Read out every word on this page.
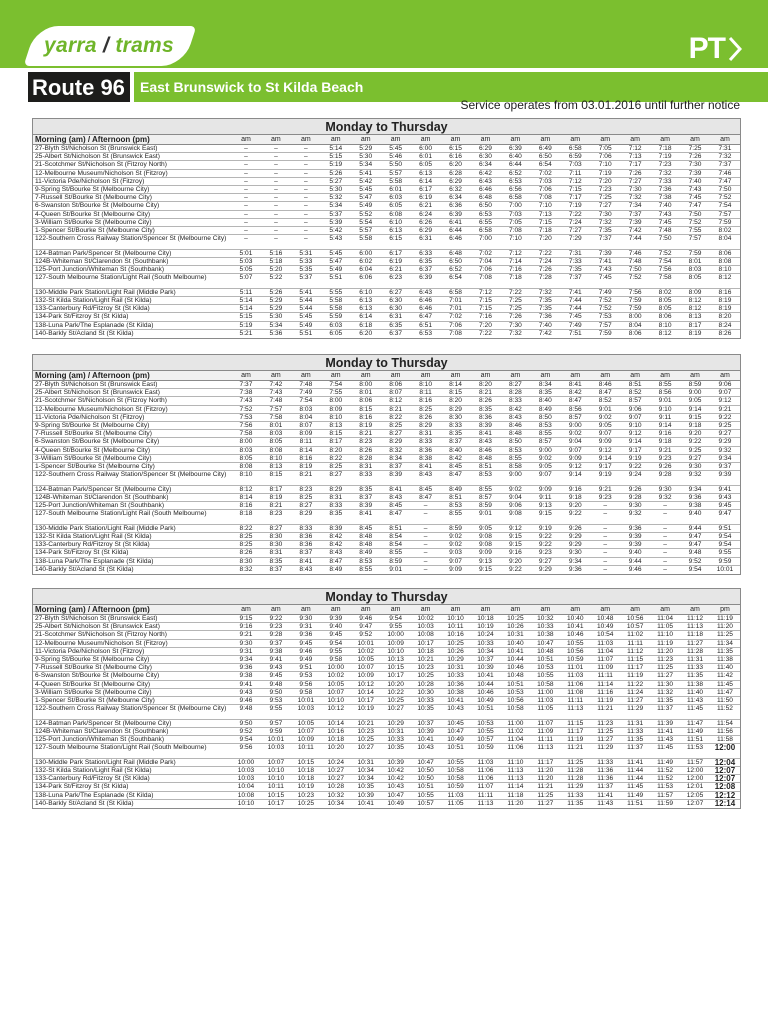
yarra / trams	PT
Route 96	East Brunswick to St Kilda Beach
Service operates from 03.01.2016 until further notice
Monday to Thursday
Morning (am) / Afternoon (pm)	am	am	am	am	am	am	am	am	am	am	am	am	am	am	am	am	am
27-Blyth St/Nicholson St (Brunswick East)	–	–	–	5:14	5:29	5:45	6:00	6:15	6:29	6:39	6:49	6:58	7:05	7:12	7:18	7:25	7:31
25-Albert St/Nicholson St (Brunswick East)	–	–	–	5:15	5:30	5:46	6:01	6:16	6:30	6:40	6:50	6:59	7:06	7:13	7:19	7:26	7:32
21-Scotchmer St/Nicholson St (Fitzroy North)	–	–	–	5:19	5:34	5:50	6:05	6:20	6:34	6:44	6:54	7:03	7:10	7:17	7:23	7:30	7:37
12-Melbourne Museum/Nicholson St (Fitzroy)	–	–	–	5:26	5:41	5:57	6:13	6:28	6:42	6:52	7:02	7:11	7:19	7:26	7:32	7:39	7:46
11-Victoria Pde/Nicholson St (Fitzroy)	–	–	–	5:27	5:42	5:58	6:14	6:29	6:43	6:53	7:03	7:12	7:20	7:27	7:33	7:40	7:47
9-Spring St/Bourke St (Melbourne City)	–	–	–	5:30	5:45	6:01	6:17	6:32	6:46	6:56	7:06	7:15	7:23	7:30	7:36	7:43	7:50
7-Russell St/Bourke St (Melbourne City)	–	–	–	5:32	5:47	6:03	6:19	6:34	6:48	6:58	7:08	7:17	7:25	7:32	7:38	7:45	7:52
6-Swanston St/Bourke St (Melbourne City)	–	–	–	5:34	5:49	6:05	6:21	6:36	6:50	7:00	7:10	7:19	7:27	7:34	7:40	7:47	7:54
4-Queen St/Bourke St (Melbourne City)	–	–	–	5:37	5:52	6:08	6:24	6:39	6:53	7:03	7:13	7:22	7:30	7:37	7:43	7:50	7:57
3-William St/Bourke St (Melbourne City)	–	–	–	5:39	5:54	6:10	6:26	6:41	6:55	7:05	7:15	7:24	7:32	7:39	7:45	7:52	7:59
1-Spencer St/Bourke St (Melbourne City)	–	–	–	5:42	5:57	6:13	6:29	6:44	6:58	7:08	7:18	7:27	7:35	7:42	7:48	7:55	8:02
122-Southern Cross Railway Station/Spencer St (Melbourne City)	–	–	–	5:43	5:58	6:15	6:31	6:46	7:00	7:10	7:20	7:29	7:37	7:44	7:50	7:57	8:04
124-Batman Park/Spencer St (Melbourne City)	5:01	5:16	5:31	5:45	6:00	6:17	6:33	6:48	7:02	7:12	7:22	7:31	7:39	7:46	7:52	7:59	8:06
124B-Whiteman St/Clarendon St (Southbank)	5:03	5:18	5:33	5:47	6:02	6:19	6:35	6:50	7:04	7:14	7:24	7:33	7:41	7:48	7:54	8:01	8:08
125-Port Junction/Whiteman St (Southbank)	5:05	5:20	5:35	5:49	6:04	6:21	6:37	6:52	7:06	7:16	7:26	7:35	7:43	7:50	7:56	8:03	8:10
127-South Melbourne Station/Light Rail (South Melbourne)	5:07	5:22	5:37	5:51	6:06	6:23	6:39	6:54	7:08	7:18	7:28	7:37	7:45	7:52	7:58	8:05	8:12
130-Middle Park Station/Light Rail (Middle Park)	5:11	5:26	5:41	5:55	6:10	6:27	6:43	6:58	7:12	7:22	7:32	7:41	7:49	7:56	8:02	8:09	8:16
132-St Kilda Station/Light Rail (St Kilda)	5:14	5:29	5:44	5:58	6:13	6:30	6:46	7:01	7:15	7:25	7:35	7:44	7:52	7:59	8:05	8:12	8:19
133-Canterbury Rd/Fitzroy St (St Kilda)	5:14	5:29	5:44	5:58	6:13	6:30	6:46	7:01	7:15	7:25	7:35	7:44	7:52	7:59	8:05	8:12	8:19
134-Park St/Fitzroy St (St Kilda)	5:15	5:30	5:45	5:59	6:14	6:31	6:47	7:02	7:16	7:26	7:36	7:45	7:53	8:00	8:06	8:13	8:20
138-Luna Park/The Esplanade (St Kilda)	5:19	5:34	5:49	6:03	6:18	6:35	6:51	7:06	7:20	7:30	7:40	7:49	7:57	8:04	8:10	8:17	8:24
140-Barkly St/Acland St (St Kilda)	5:21	5:36	5:51	6:05	6:20	6:37	6:53	7:08	7:22	7:32	7:42	7:51	7:59	8:06	8:12	8:19	8:26
Monday to Thursday
Morning (am) / Afternoon (pm)	am	am	am	am	am	am	am	am	am	am	am	am	am	am	am	am	am
27-Blyth St/Nicholson St (Brunswick East)	7:37	7:42	7:48	7:54	8:00	8:06	8:10	8:14	8:20	8:27	8:34	8:41	8:46	8:51	8:55	8:59	9:06
25-Albert St/Nicholson St (Brunswick East)	7:38	7:43	7:49	7:55	8:01	8:07	8:11	8:15	8:21	8:28	8:35	8:42	8:47	8:52	8:56	9:00	9:07
21-Scotchmer St/Nicholson St (Fitzroy North)	7:43	7:48	7:54	8:00	8:06	8:12	8:16	8:20	8:26	8:33	8:40	8:47	8:52	8:57	9:01	9:05	9:12
12-Melbourne Museum/Nicholson St (Fitzroy)	7:52	7:57	8:03	8:09	8:15	8:21	8:25	8:29	8:35	8:42	8:49	8:56	9:01	9:06	9:10	9:14	9:21
11-Victoria Pde/Nicholson St (Fitzroy)	7:53	7:58	8:04	8:10	8:16	8:22	8:26	8:30	8:36	8:43	8:50	8:57	9:02	9:07	9:11	9:15	9:22
9-Spring St/Bourke St (Melbourne City)	7:56	8:01	8:07	8:13	8:19	8:25	8:29	8:33	8:39	8:46	8:53	9:00	9:05	9:10	9:14	9:18	9:25
7-Russell St/Bourke St (Melbourne City)	7:58	8:03	8:09	8:15	8:21	8:27	8:31	8:35	8:41	8:48	8:55	9:02	9:07	9:12	9:16	9:20	9:27
6-Swanston St/Bourke St (Melbourne City)	8:00	8:05	8:11	8:17	8:23	8:29	8:33	8:37	8:43	8:50	8:57	9:04	9:09	9:14	9:18	9:22	9:29
4-Queen St/Bourke St (Melbourne City)	8:03	8:08	8:14	8:20	8:26	8:32	8:36	8:40	8:46	8:53	9:00	9:07	9:12	9:17	9:21	9:25	9:32
3-William St/Bourke St (Melbourne City)	8:05	8:10	8:16	8:22	8:28	8:34	8:38	8:42	8:48	8:55	9:02	9:09	9:14	9:19	9:23	9:27	9:34
1-Spencer St/Bourke St (Melbourne City)	8:08	8:13	8:19	8:25	8:31	8:37	8:41	8:45	8:51	8:58	9:05	9:12	9:17	9:22	9:26	9:30	9:37
122-Southern Cross Railway Station/Spencer St (Melbourne City)	8:10	8:15	8:21	8:27	8:33	8:39	8:43	8:47	8:53	9:00	9:07	9:14	9:19	9:24	9:28	9:32	9:39
124-Batman Park/Spencer St (Melbourne City)	8:12	8:17	8:23	8:29	8:35	8:41	8:45	8:49	8:55	9:02	9:09	9:16	9:21	9:26	9:30	9:34	9:41
124B-Whiteman St/Clarendon St (Southbank)	8:14	8:19	8:25	8:31	8:37	8:43	8:47	8:51	8:57	9:04	9:11	9:18	9:23	9:28	9:32	9:36	9:43
125-Port Junction/Whiteman St (Southbank)	8:16	8:21	8:27	8:33	8:39	8:45	–	8:53	8:59	9:06	9:13	9:20	–	9:30	–	9:38	9:45
127-South Melbourne Station/Light Rail (South Melbourne)	8:18	8:23	8:29	8:35	8:41	8:47	–	8:55	9:01	9:08	9:15	9:22	–	9:32	–	9:40	9:47
130-Middle Park Station/Light Rail (Middle Park)	8:22	8:27	8:33	8:39	8:45	8:51	–	8:59	9:05	9:12	9:19	9:26	–	9:36	–	9:44	9:51
132-St Kilda Station/Light Rail (St Kilda)	8:25	8:30	8:36	8:42	8:48	8:54	–	9:02	9:08	9:15	9:22	9:29	–	9:39	–	9:47	9:54
133-Canterbury Rd/Fitzroy St (St Kilda)	8:25	8:30	8:36	8:42	8:48	8:54	–	9:02	9:08	9:15	9:22	9:29	–	9:39	–	9:47	9:54
134-Park St/Fitzroy St (St Kilda)	8:26	8:31	8:37	8:43	8:49	8:55	–	9:03	9:09	9:16	9:23	9:30	–	9:40	–	9:48	9:55
138-Luna Park/The Esplanade (St Kilda)	8:30	8:35	8:41	8:47	8:53	8:59	–	9:07	9:13	9:20	9:27	9:34	–	9:44	–	9:52	9:59
140-Barkly St/Acland St (St Kilda)	8:32	8:37	8:43	8:49	8:55	9:01	–	9:09	9:15	9:22	9:29	9:36	–	9:46	–	9:54	10:01
Monday to Thursday
Morning (am) / Afternoon (pm)	am	am	am	am	am	am	am	am	am	am	am	am	am	am	am	am	pm
27-Blyth St/Nicholson St (Brunswick East)	9:15	9:22	9:30	9:39	9:46	9:54	10:02	10:10	10:18	10:25	10:32	10:40	10:48	10:56	11:04	11:12	11:19
25-Albert St/Nicholson St (Brunswick East)	9:16	9:23	9:31	9:40	9:47	9:55	10:03	10:11	10:19	10:26	10:33	10:41	10:49	10:57	11:05	11:13	11:20
21-Scotchmer St/Nicholson St (Fitzroy North)	9:21	9:28	9:36	9:45	9:52	10:00	10:08	10:16	10:24	10:31	10:38	10:46	10:54	11:02	11:10	11:18	11:25
12-Melbourne Museum/Nicholson St (Fitzroy)	9:30	9:37	9:45	9:54	10:01	10:09	10:17	10:25	10:33	10:40	10:47	10:55	11:03	11:11	11:19	11:27	11:34
11-Victoria Pde/Nicholson St (Fitzroy)	9:31	9:38	9:46	9:55	10:02	10:10	10:18	10:26	10:34	10:41	10:48	10:56	11:04	11:12	11:20	11:28	11:35
9-Spring St/Bourke St (Melbourne City)	9:34	9:41	9:49	9:58	10:05	10:13	10:21	10:29	10:37	10:44	10:51	10:59	11:07	11:15	11:23	11:31	11:38
7-Russell St/Bourke St (Melbourne City)	9:36	9:43	9:51	10:00	10:07	10:15	10:23	10:31	10:39	10:46	10:53	11:01	11:09	11:17	11:25	11:33	11:40
6-Swanston St/Bourke St (Melbourne City)	9:38	9:45	9:53	10:02	10:09	10:17	10:25	10:33	10:41	10:48	10:55	11:03	11:11	11:19	11:27	11:35	11:42
4-Queen St/Bourke St (Melbourne City)	9:41	9:48	9:56	10:05	10:12	10:20	10:28	10:36	10:44	10:51	10:58	11:06	11:14	11:22	11:30	11:38	11:45
3-William St/Bourke St (Melbourne City)	9:43	9:50	9:58	10:07	10:14	10:22	10:30	10:38	10:46	10:53	11:00	11:08	11:16	11:24	11:32	11:40	11:47
1-Spencer St/Bourke St (Melbourne City)	9:46	9:53	10:01	10:10	10:17	10:25	10:33	10:41	10:49	10:56	11:03	11:11	11:19	11:27	11:35	11:43	11:50
122-Southern Cross Railway Station/Spencer St (Melbourne City)	9:48	9:55	10:03	10:12	10:19	10:27	10:35	10:43	10:51	10:58	11:05	11:13	11:21	11:29	11:37	11:45	11:52
124-Batman Park/Spencer St (Melbourne City)	9:50	9:57	10:05	10:14	10:21	10:29	10:37	10:45	10:53	11:00	11:07	11:15	11:23	11:31	11:39	11:47	11:54
124B-Whiteman St/Clarendon St (Southbank)	9:52	9:59	10:07	10:16	10:23	10:31	10:39	10:47	10:55	11:02	11:09	11:17	11:25	11:33	11:41	11:49	11:56
125-Port Junction/Whiteman St (Southbank)	9:54	10:01	10:09	10:18	10:25	10:33	10:41	10:49	10:57	11:04	11:11	11:19	11:27	11:35	11:43	11:51	11:58
127-South Melbourne Station/Light Rail (South Melbourne)	9:56	10:03	10:11	10:20	10:27	10:35	10:43	10:51	10:59	11:06	11:13	11:21	11:29	11:37	11:45	11:53	12:00
130-Middle Park Station/Light Rail (Middle Park)	10:00	10:07	10:15	10:24	10:31	10:39	10:47	10:55	11:03	11:10	11:17	11:25	11:33	11:41	11:49	11:57	12:04
132-St Kilda Station/Light Rail (St Kilda)	10:03	10:10	10:18	10:27	10:34	10:42	10:50	10:58	11:06	11:13	11:20	11:28	11:36	11:44	11:52	12:00	12:07
133-Canterbury Rd/Fitzroy St (St Kilda)	10:03	10:10	10:18	10:27	10:34	10:42	10:50	10:58	11:06	11:13	11:20	11:28	11:36	11:44	11:52	12:00	12:07
134-Park St/Fitzroy St (St Kilda)	10:04	10:11	10:19	10:28	10:35	10:43	10:51	10:59	11:07	11:14	11:21	11:29	11:37	11:45	11:53	12:01	12:08
138-Luna Park/The Esplanade (St Kilda)	10:08	10:15	10:23	10:32	10:39	10:47	10:55	11:03	11:11	11:18	11:25	11:33	11:41	11:49	11:57	12:05	12:12
140-Barkly St/Acland St (St Kilda)	10:10	10:17	10:25	10:34	10:41	10:49	10:57	11:05	11:13	11:20	11:27	11:35	11:43	11:51	11:59	12:07	12:14
